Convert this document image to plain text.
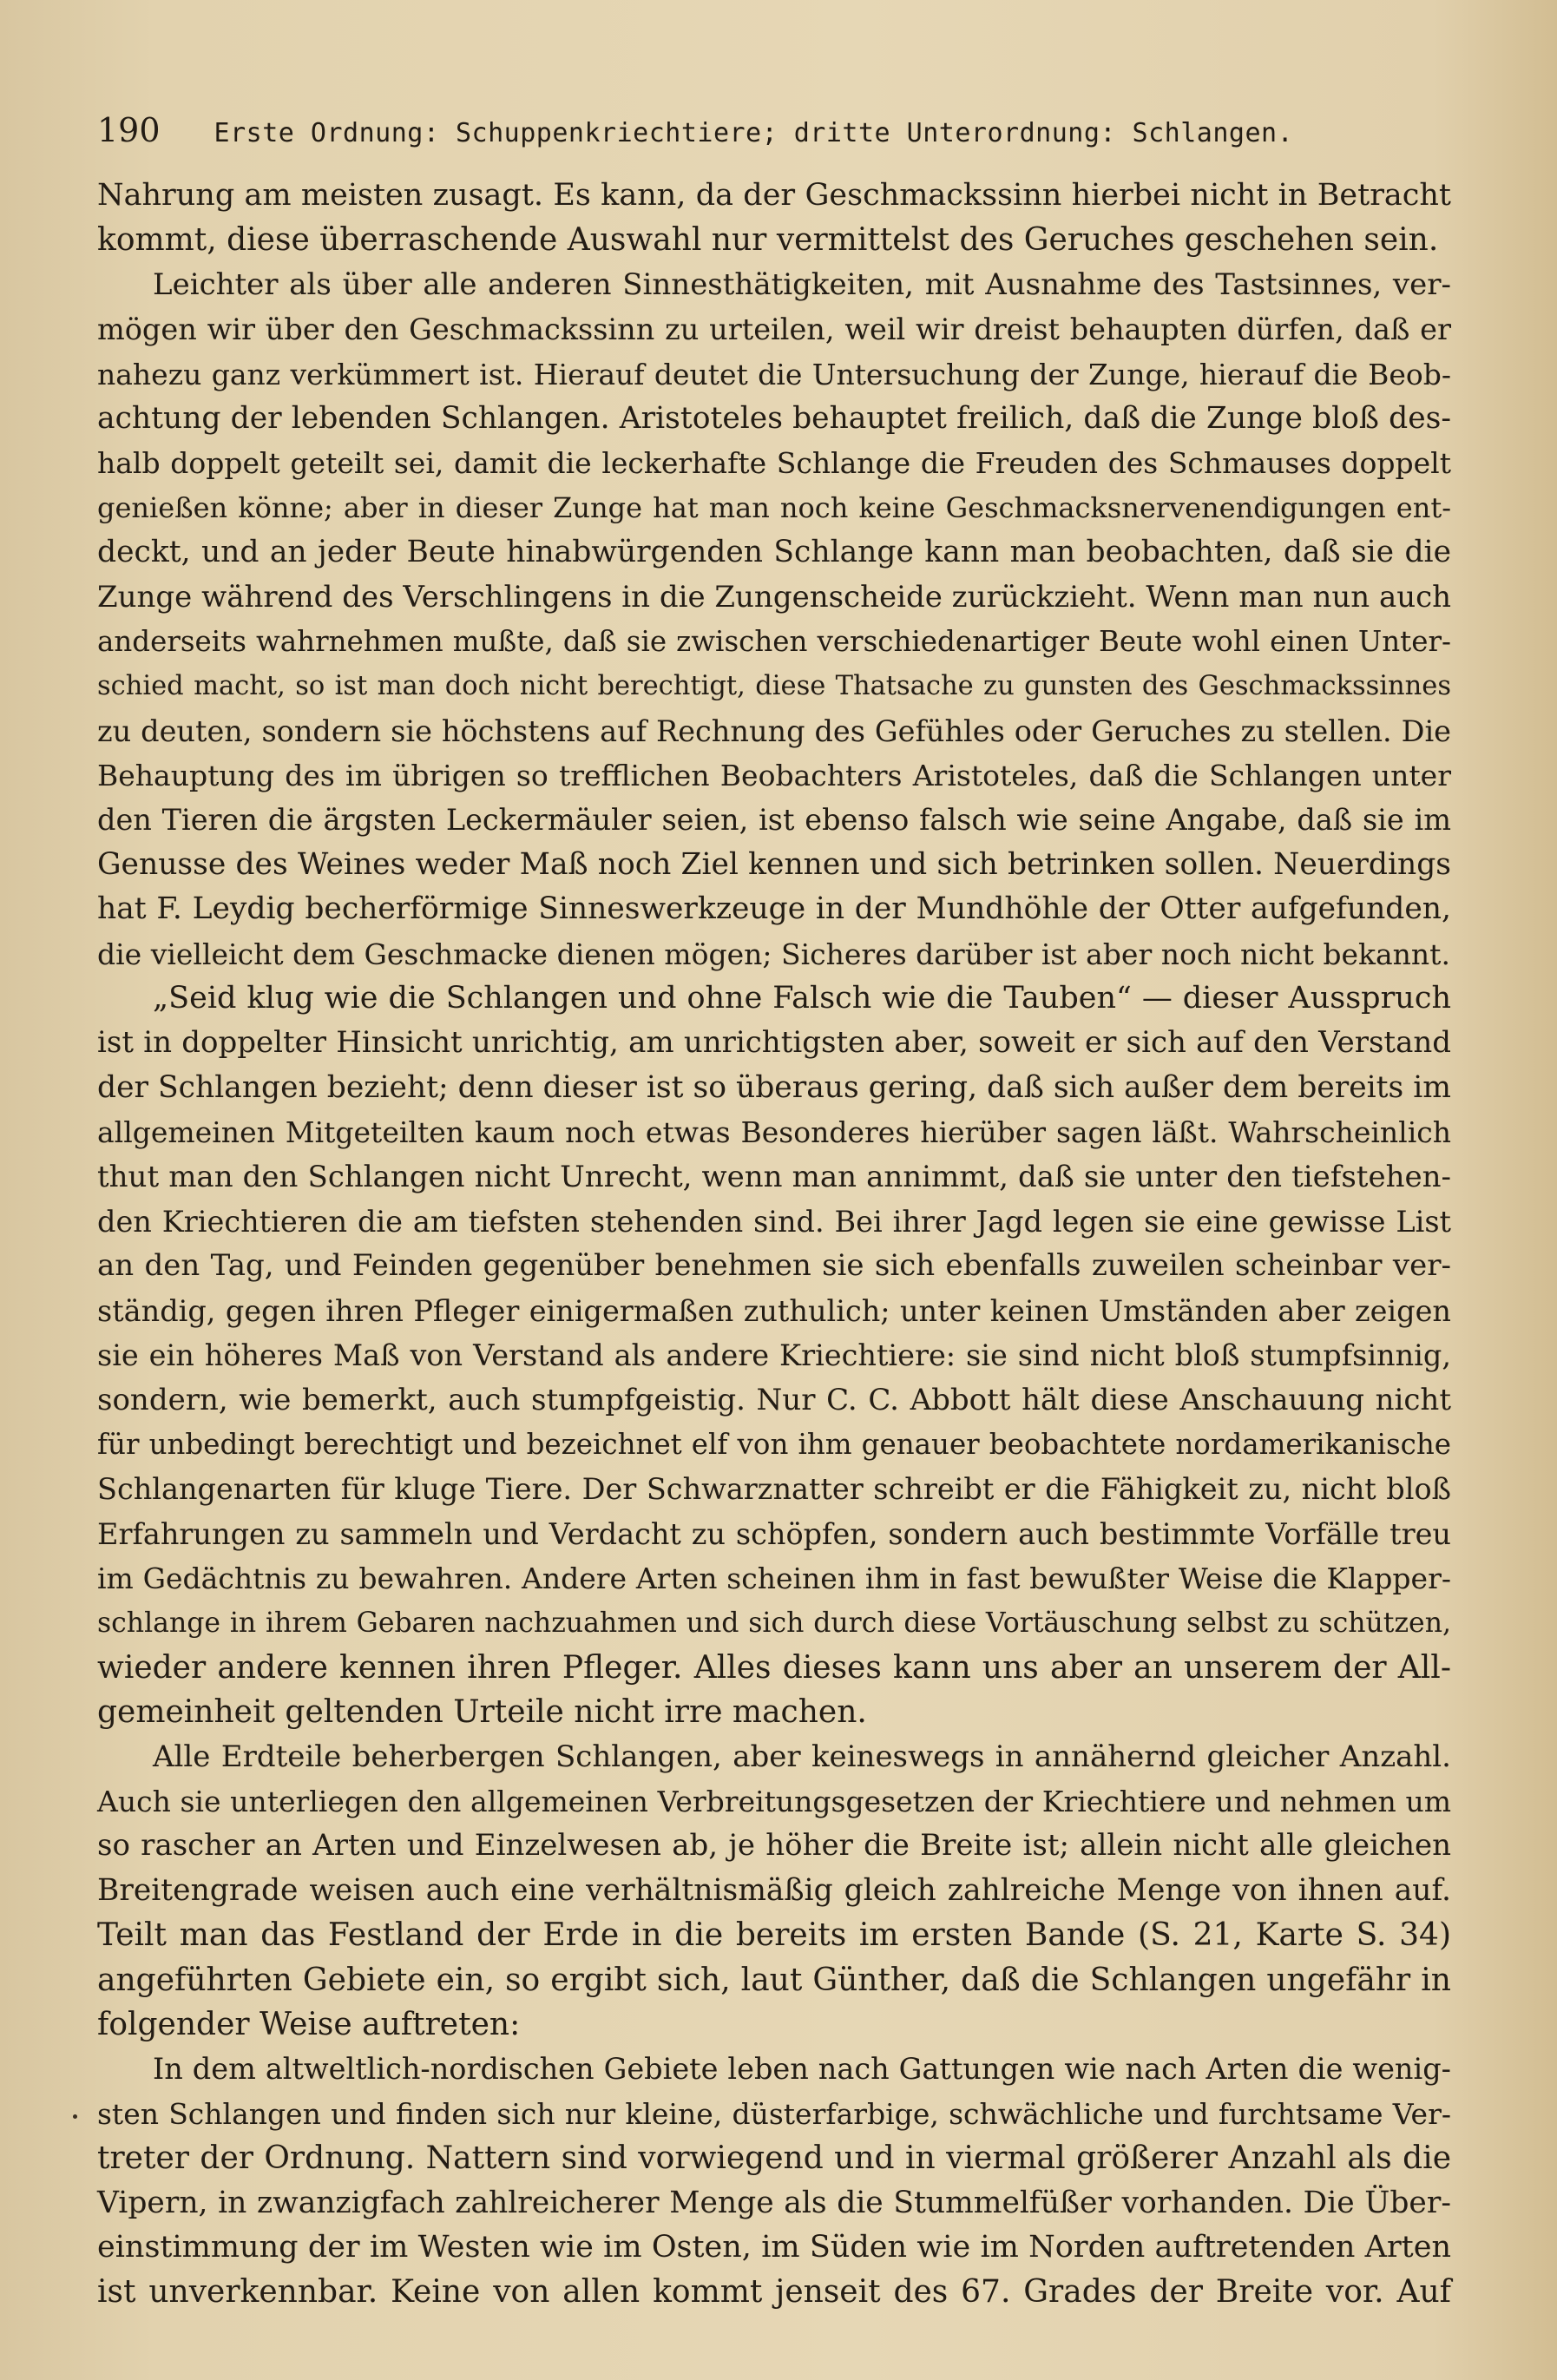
190 Erste Ordnung: Schuppenkriechtiere; dritte Unterordnung: Schlangen.
Nahrung am meisten zusagt. Es kann, da der Geschmackssinn hierbei nicht in Betracht
kommt, diese überraschende Auswahl nur vermittelst des Geruches geschehen sein.
Leichter als über alle anderen Sinnesthätigkeiten, mit Ausnahme des Tastsinnes, ver-
mögen wir über den Geschmackssinn zu urteilen, weil wir dreist behaupten dürfen, daß er
nahezu ganz verkümmert ist. Hierauf deutet die Untersuchung der Zunge, hierauf die Beob-
achtung der lebenden Schlangen. Aristoteles behauptet freilich, daß die Zunge bloß des-
halb doppelt geteilt sei, damit die leckerhafte Schlange die Freuden des Schmauses doppelt
genießen könne; aber in dieser Zunge hat man noch keine Geschmacksnervenendigungen ent-
deckt, und an jeder Beute hinabwürgenden Schlange kann man beobachten, daß sie die
Zunge während des Verschlingens in die Zungenscheide zurückzieht. Wenn man nun auch
anderseits wahrnehmen mußte, daß sie zwischen verschiedenartiger Beute wohl einen Unter-
schied macht, so ist man doch nicht berechtigt, diese Thatsache zu gunsten des Geschmackssinnes
zu deuten, sondern sie höchstens auf Rechnung des Gefühles oder Geruches zu stellen. Die
Behauptung des im übrigen so trefflichen Beobachters Aristoteles, daß die Schlangen unter
den Tieren die ärgsten Leckermäuler seien, ist ebenso falsch wie seine Angabe, daß sie im
Genusse des Weines weder Maß noch Ziel kennen und sich betrinken sollen. Neuerdings
hat F. Leydig becherförmige Sinneswerkzeuge in der Mundhöhle der Otter aufgefunden,
die vielleicht dem Geschmacke dienen mögen; Sicheres darüber ist aber noch nicht bekannt.
„Seid klug wie die Schlangen und ohne Falsch wie die Tauben“ — dieser Ausspruch
ist in doppelter Hinsicht unrichtig, am unrichtigsten aber, soweit er sich auf den Verstand
der Schlangen bezieht; denn dieser ist so überaus gering, daß sich außer dem bereits im
allgemeinen Mitgeteilten kaum noch etwas Besonderes hierüber sagen läßt. Wahrscheinlich
thut man den Schlangen nicht Unrecht, wenn man annimmt, daß sie unter den tiefstehen-
den Kriechtieren die am tiefsten stehenden sind. Bei ihrer Jagd legen sie eine gewisse List
an den Tag, und Feinden gegenüber benehmen sie sich ebenfalls zuweilen scheinbar ver-
ständig, gegen ihren Pfleger einigermaßen zuthulich; unter keinen Umständen aber zeigen
sie ein höheres Maß von Verstand als andere Kriechtiere: sie sind nicht bloß stumpfsinnig,
sondern, wie bemerkt, auch stumpfgeistig. Nur C. C. Abbott hält diese Anschauung nicht
für unbedingt berechtigt und bezeichnet elf von ihm genauer beobachtete nordamerikanische
Schlangenarten für kluge Tiere. Der Schwarznatter schreibt er die Fähigkeit zu, nicht bloß
Erfahrungen zu sammeln und Verdacht zu schöpfen, sondern auch bestimmte Vorfälle treu
im Gedächtnis zu bewahren. Andere Arten scheinen ihm in fast bewußter Weise die Klapper-
schlange in ihrem Gebaren nachzuahmen und sich durch diese Vortäuschung selbst zu schützen,
wieder andere kennen ihren Pfleger. Alles dieses kann uns aber an unserem der All-
gemeinheit geltenden Urteile nicht irre machen.
Alle Erdteile beherbergen Schlangen, aber keineswegs in annähernd gleicher Anzahl.
Auch sie unterliegen den allgemeinen Verbreitungsgesetzen der Kriechtiere und nehmen um
so rascher an Arten und Einzelwesen ab, je höher die Breite ist; allein nicht alle gleichen
Breitengrade weisen auch eine verhältnismäßig gleich zahlreiche Menge von ihnen auf.
Teilt man das Festland der Erde in die bereits im ersten Bande (S. 21, Karte S. 34)
angeführten Gebiete ein, so ergibt sich, laut Günther, daß die Schlangen ungefähr in
folgender Weise auftreten:
In dem altweltlich-nordischen Gebiete leben nach Gattungen wie nach Arten die wenig-
sten Schlangen und finden sich nur kleine, düsterfarbige, schwächliche und furchtsame Ver-
treter der Ordnung. Nattern sind vorwiegend und in viermal größerer Anzahl als die
Vipern, in zwanzigfach zahlreicherer Menge als die Stummelfüßer vorhanden. Die Über-
einstimmung der im Westen wie im Osten, im Süden wie im Norden auftretenden Arten
ist unverkennbar. Keine von allen kommt jenseit des 67. Grades der Breite vor. Auf
